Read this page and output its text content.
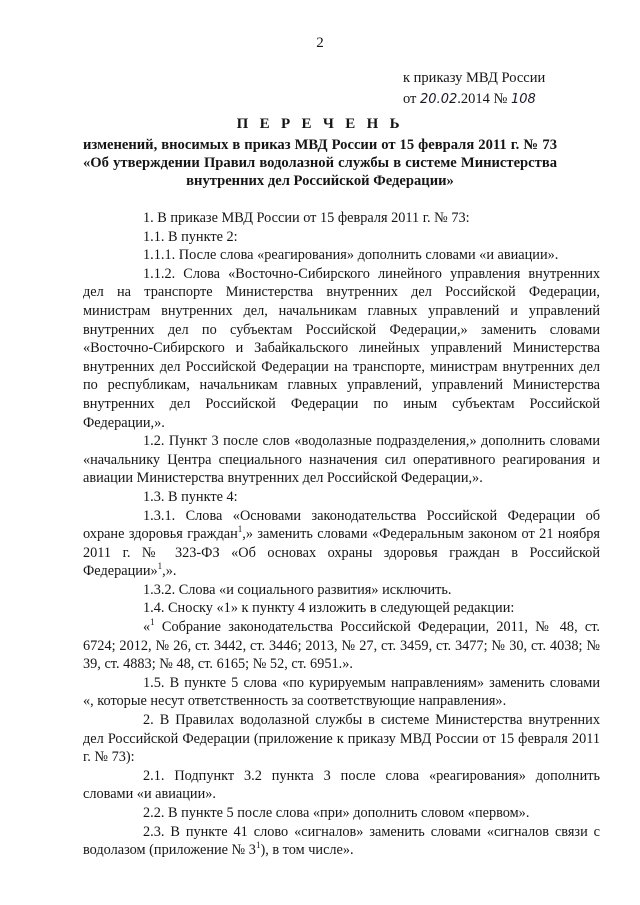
2
к приказу МВД России
от 20.02.2014 № 108
П Е Р Е Ч Е Н Ь
изменений, вносимых в приказ МВД России от 15 февраля 2011 г. № 73
«Об утверждении Правил водолазной службы в системе Министерства
внутренних дел Российской Федерации»

1. В приказе МВД России от 15 февраля 2011 г. № 73:

1.1. В пункте 2:

1.1.1. После слова «реагирования» дополнить словами «и авиации».

1.1.2. Слова «Восточно-Сибирского линейного управления внутренних дел на транспорте Министерства внутренних дел Российской Федерации, министрам внутренних дел, начальникам главных управлений и управлений внутренних дел по субъектам Российской Федерации,» заменить словами «Восточно-Сибирского и Забайкальского линейных управлений Министерства внутренних дел Российской Федерации на транспорте, министрам внутренних дел по республикам, начальникам главных управлений, управлений Министерства внутренних дел Российской Федерации по иным субъектам Российской Федерации,».

1.2. Пункт 3 после слов «водолазные подразделения,» дополнить словами «начальнику Центра специального назначения сил оперативного реагирования и авиации Министерства внутренних дел Российской Федерации,».

1.3. В пункте 4:

1.3.1. Слова «Основами законодательства Российской Федерации об охране здоровья граждан$^1$,» заменить словами «Федеральным законом от 21 ноября 2011 г. № 323-ФЗ «Об основах охраны здоровья граждан в Российской Федерации»$^1$,».

1.3.2. Слова «и социального развития» исключить.

1.4. Сноску «1» к пункту 4 изложить в следующей редакции:

«$^1$ Собрание законодательства Российской Федерации, 2011, № 48, ст. 6724; 2012, № 26, ст. 3442, ст. 3446; 2013, № 27, ст. 3459, ст. 3477; № 30, ст. 4038; № 39, ст. 4883; № 48, ст. 6165; № 52, ст. 6951.».

1.5. В пункте 5 слова «по курируемым направлениям» заменить словами «, которые несут ответственность за соответствующие направления».

2. В Правилах водолазной службы в системе Министерства внутренних дел Российской Федерации (приложение к приказу МВД России от 15 февраля 2011 г. № 73):

2.1. Подпункт 3.2 пункта 3 после слова «реагирования» дополнить словами «и авиации».

2.2. В пункте 5 после слова «при» дополнить словом «первом».

2.3. В пункте 41 слово «сигналов» заменить словами «сигналов связи с водолазом (приложение № $3^1$), в том числе».
